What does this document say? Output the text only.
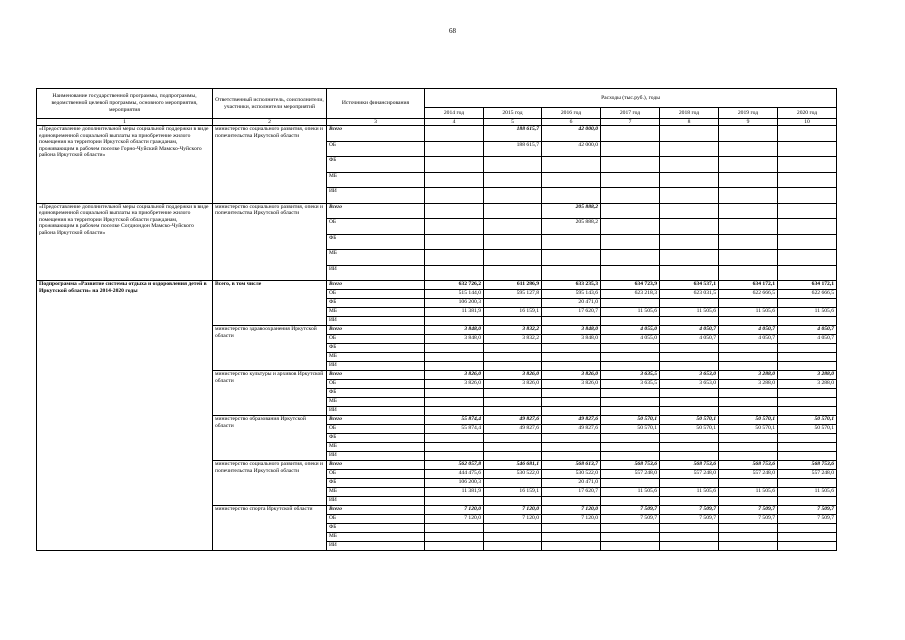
68
Наименование государственной программы, подпрограммы, ведомственной целевой программы, основного мероприятия, мероприятия	Ответственный исполнитель, соисполнители, участники, исполнители мероприятий	Источники финансирования	Расходы (тыс.руб.), годы						
			2014 год	2015 год	2016 год	2017 год	2018 год	2019 год	2020 год
1	2	3	4	5	6	7	8	9	10
«Предоставление дополнительной меры социальной поддержки в виде единовременной социальной выплаты на приобретение жилого помещения на территории Иркутской области гражданам, проживающим в рабочем поселке Горно-Чуйский Мамско-Чуйского района Иркутской области»	министерство социального развития, опеки и попечительства Иркутской области	Всего		188 615,7	42 000,0				
		ОБ		188 615,7	42 000,0				
		ФБ							
		МБ							
		ИИ							
«Предоставление дополнительной меры социальной поддержки в виде единовременной социальной выплаты на приобретение жилого помещения на территории Иркутской области гражданам, проживающим в рабочем поселке Согдиондон Мамско-Чуйского района Иркутской области»	министерство социального развития, опеки и попечительства Иркутской области	Всего			205 888,2				
		ОБ			205 888,2				
		ФБ							
		МБ							
		ИИ							
Подпрограмма «Развитие системы отдыха и оздоровления детей в Иркутской области» на 2014-2020 годы	Всего, в том числе	Всего	632 726,2	611 286,9	633 235,3	634 723,9	634 537,1	634 172,1	634 172,1
		ОБ	515 144,0	595 127,8	595 143,6	623 218,3	623 031,5	622 666,5	622 666,5
		ФБ	106 200,3		20 471,0				
		МБ	11 381,9	16 159,1	17 620,7	11 505,6	11 505,6	11 505,6	11 505,6
		ИИ							
	министерство здравоохранения Иркутской области	Всего	3 848,0	3 832,2	3 848,0	4 055,0	4 050,7	4 050,7	4 050,7
		ОБ	3 848,0	3 832,2	3 848,0	4 055,0	4 050,7	4 050,7	4 050,7
		ФБ							
		МБ							
		ИИ							
	министерство культуры и архивов Иркутской области	Всего	3 826,0	3 826,0	3 826,0	3 635,5	3 653,0	3 288,0	3 288,0
		ОБ	3 826,0	3 826,0	3 826,0	3 635,5	3 653,0	3 288,0	3 288,0
		ФБ							
		МБ							
		ИИ							
	министерство образования Иркутской области	Всего	55 874,4	49 827,6	49 827,6	50 570,1	50 570,1	50 570,1	50 570,1
		ОБ	55 874,4	49 827,6	49 827,6	50 570,1	50 570,1	50 570,1	50 570,1
		ФБ							
		МБ							
		ИИ							
	министерство социального развития, опеки и попечительства Иркутской области	Всего	562 057,8	546 681,1	568 613,7	568 753,6	568 753,6	568 753,6	568 753,6
		ОБ	444 475,6	530 522,0	530 522,0	557 248,0	557 248,0	557 248,0	557 248,0
		ФБ	106 200,3		20 471,0				
		МБ	11 381,9	16 159,1	17 620,7	11 505,6	11 505,6	11 505,6	11 505,6
		ИИ							
	министерство спорта Иркутской области	Всего	7 120,0	7 120,0	7 120,0	7 509,7	7 509,7	7 509,7	7 509,7
		ОБ	7 120,0	7 120,0	7 120,0	7 509,7	7 509,7	7 509,7	7 509,7
		ФБ							
		МБ							
		ИИ							
